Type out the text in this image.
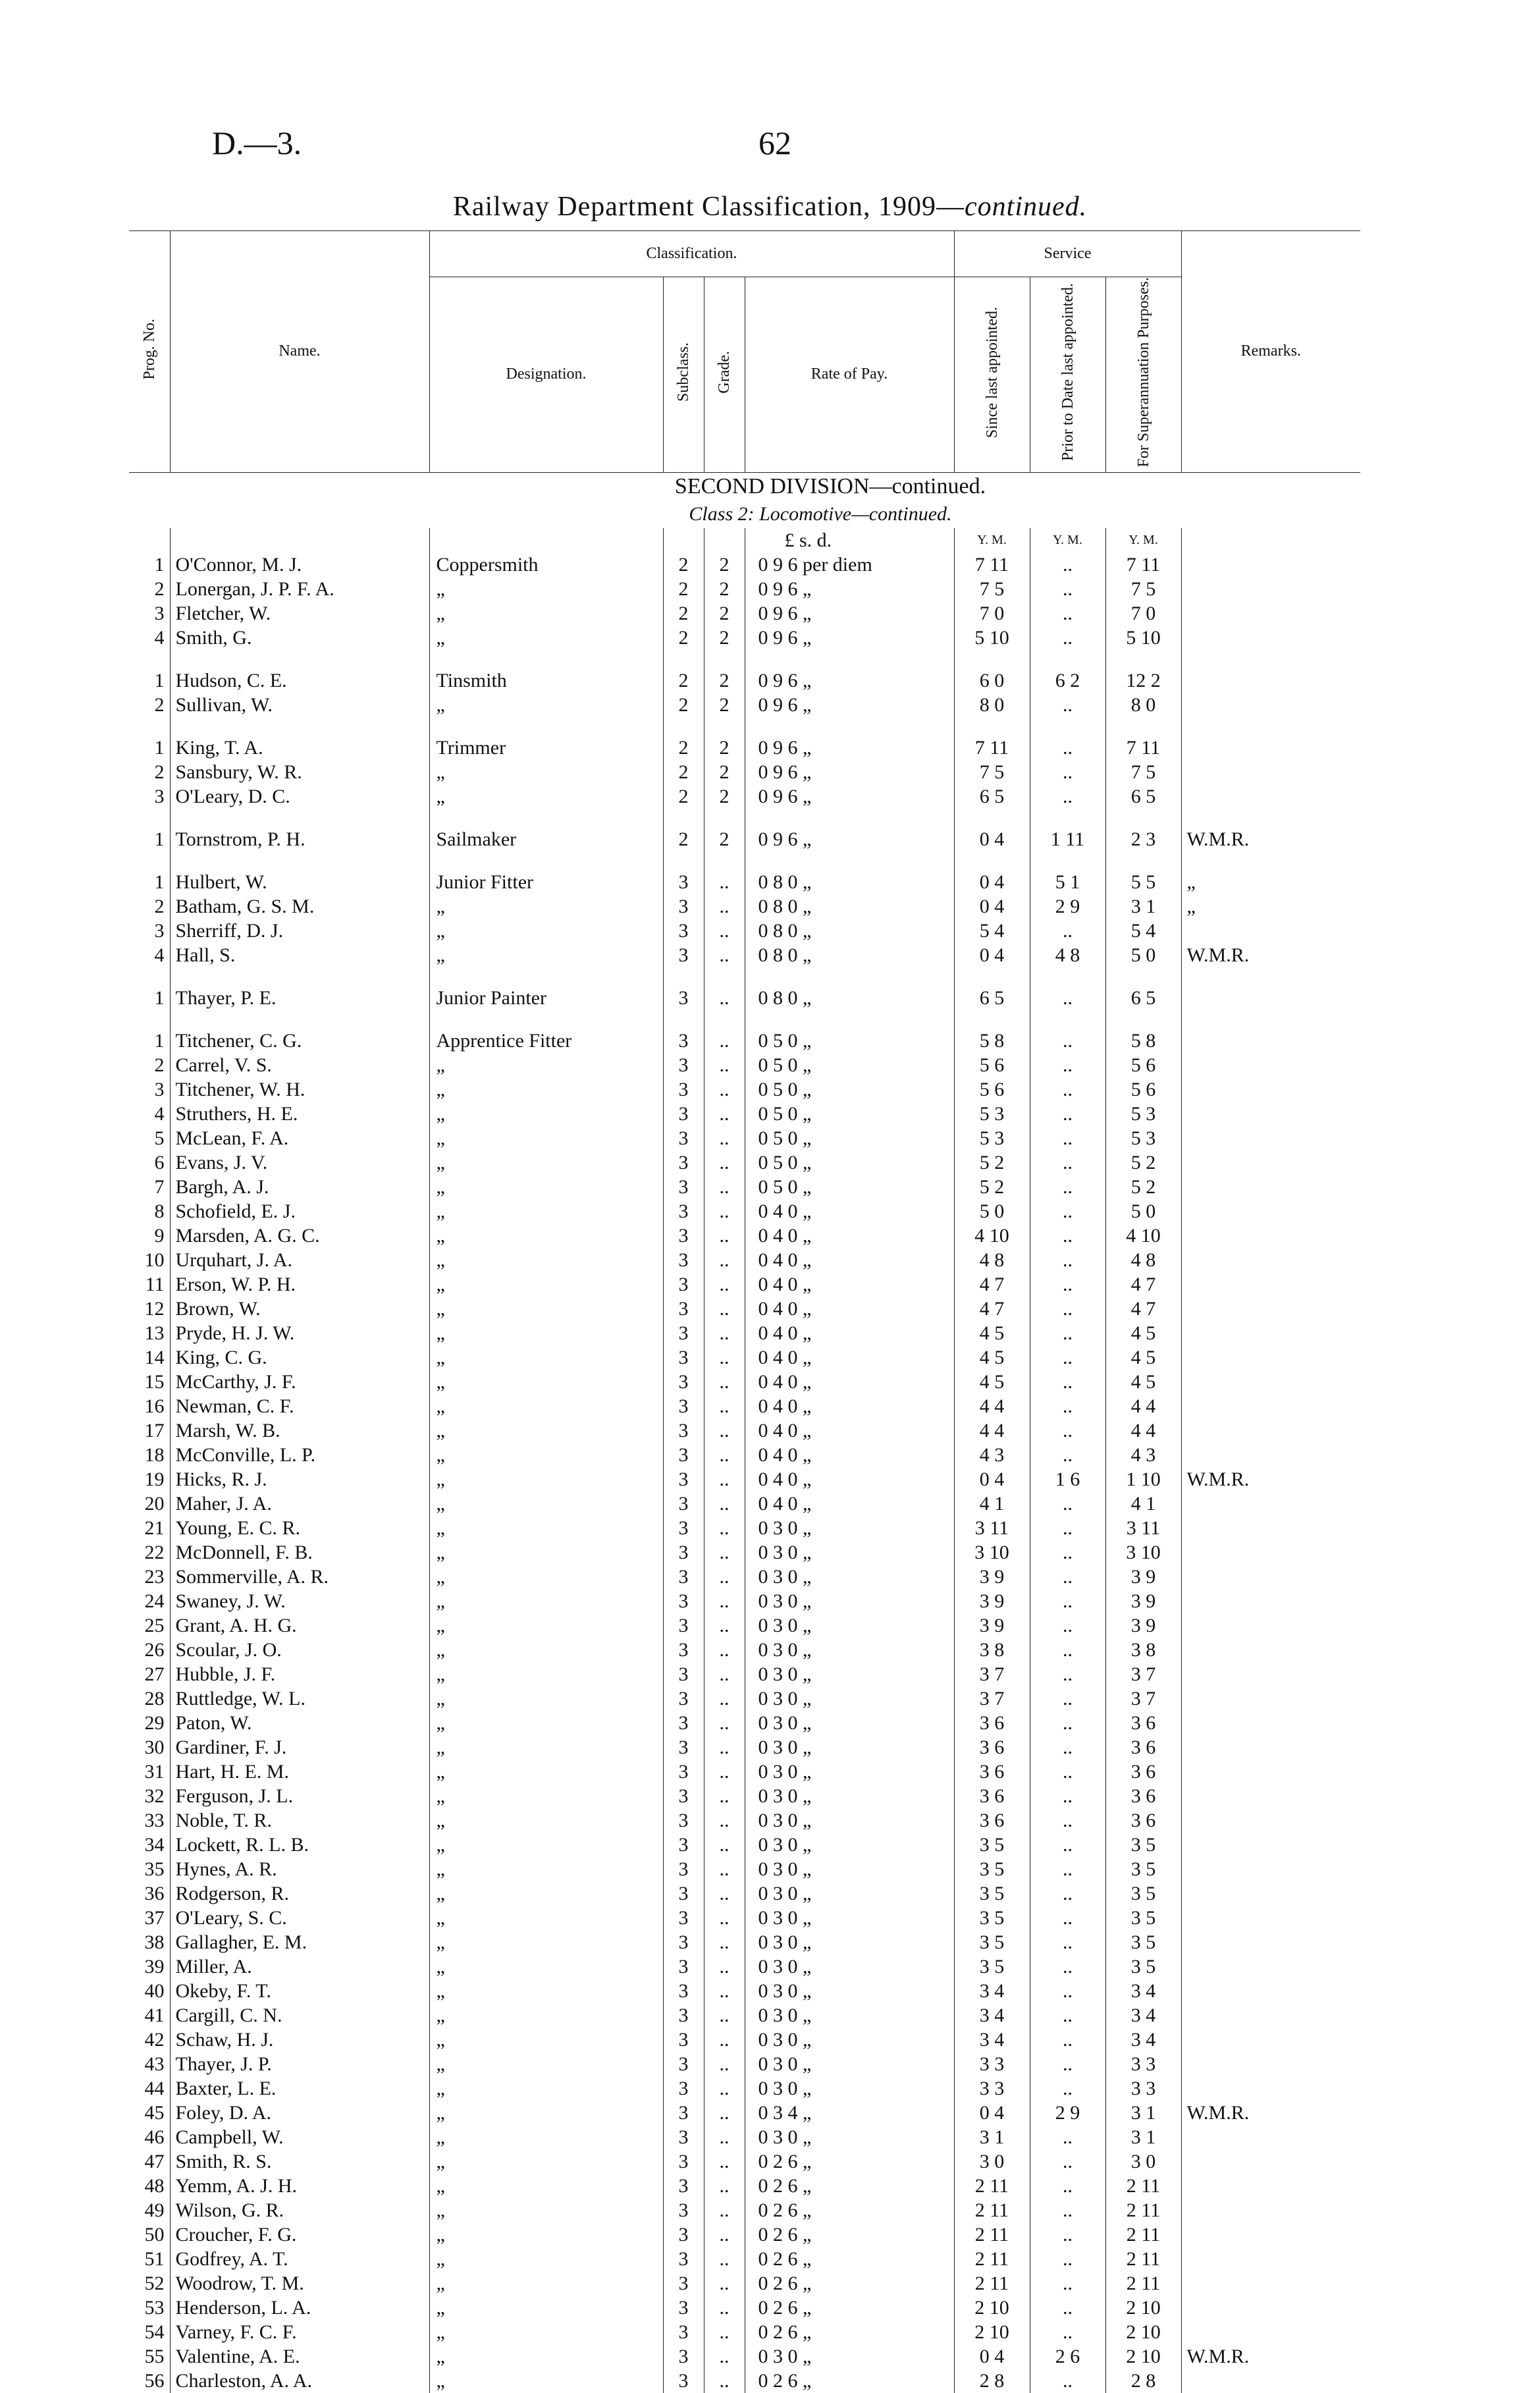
D.—3.	62
Railway Department Classification, 1909—continued.
Prog. No.	Name.	Classification.				Service			Remarks.
		Designation.	Subclass.	Grade.	Rate of Pay.	Since last appointed.	Prior to Date last appointed.	For Superannuation Purposes.	
SECOND DIVISION—continued.									
Class 2: Locomotive—continued.									
					£ s. d.	Y. M.	Y. M.	Y. M.	
1	O'Connor, M. J.	Coppersmith	2	2	0 9 6 per diem	7 11	..	7 11	
2	Lonergan, J. P. F. A.	„	2	2	0 9 6 „	7 5	..	7 5	
3	Fletcher, W.	„	2	2	0 9 6 „	7 0	..	7 0	
4	Smith, G.	„	2	2	0 9 6 „	5 10	..	5 10	

1	Hudson, C. E.	Tinsmith	2	2	0 9 6 „	6 0	6 2	12 2	
2	Sullivan, W.	„	2	2	0 9 6 „	8 0	..	8 0	

1	King, T. A.	Trimmer	2	2	0 9 6 „	7 11	..	7 11	
2	Sansbury, W. R.	„	2	2	0 9 6 „	7 5	..	7 5	
3	O'Leary, D. C.	„	2	2	0 9 6 „	6 5	..	6 5	

1	Tornstrom, P. H.	Sailmaker	2	2	0 9 6 „	0 4	1 11	2 3	W.M.R.

1	Hulbert, W.	Junior Fitter	3	..	0 8 0 „	0 4	5 1	5 5	„
2	Batham, G. S. M.	„	3	..	0 8 0 „	0 4	2 9	3 1	„
3	Sherriff, D. J.	„	3	..	0 8 0 „	5 4	..	5 4	
4	Hall, S.	„	3	..	0 8 0 „	0 4	4 8	5 0	W.M.R.

1	Thayer, P. E.	Junior Painter	3	..	0 8 0 „	6 5	..	6 5	

1	Titchener, C. G.	Apprentice Fitter	3	..	0 5 0 „	5 8	..	5 8	
2	Carrel, V. S.	„	3	..	0 5 0 „	5 6	..	5 6	
3	Titchener, W. H.	„	3	..	0 5 0 „	5 6	..	5 6	
4	Struthers, H. E.	„	3	..	0 5 0 „	5 3	..	5 3	
5	McLean, F. A.	„	3	..	0 5 0 „	5 3	..	5 3	
6	Evans, J. V.	„	3	..	0 5 0 „	5 2	..	5 2	
7	Bargh, A. J.	„	3	..	0 5 0 „	5 2	..	5 2	
8	Schofield, E. J.	„	3	..	0 4 0 „	5 0	..	5 0	
9	Marsden, A. G. C.	„	3	..	0 4 0 „	4 10	..	4 10	
10	Urquhart, J. A.	„	3	..	0 4 0 „	4 8	..	4 8	
11	Erson, W. P. H.	„	3	..	0 4 0 „	4 7	..	4 7	
12	Brown, W.	„	3	..	0 4 0 „	4 7	..	4 7	
13	Pryde, H. J. W.	„	3	..	0 4 0 „	4 5	..	4 5	
14	King, C. G.	„	3	..	0 4 0 „	4 5	..	4 5	
15	McCarthy, J. F.	„	3	..	0 4 0 „	4 5	..	4 5	
16	Newman, C. F.	„	3	..	0 4 0 „	4 4	..	4 4	
17	Marsh, W. B.	„	3	..	0 4 0 „	4 4	..	4 4	
18	McConville, L. P.	„	3	..	0 4 0 „	4 3	..	4 3	
19	Hicks, R. J.	„	3	..	0 4 0 „	0 4	1 6	1 10	W.M.R.
20	Maher, J. A.	„	3	..	0 4 0 „	4 1	..	4 1	
21	Young, E. C. R.	„	3	..	0 3 0 „	3 11	..	3 11	
22	McDonnell, F. B.	„	3	..	0 3 0 „	3 10	..	3 10	
23	Sommerville, A. R.	„	3	..	0 3 0 „	3 9	..	3 9	
24	Swaney, J. W.	„	3	..	0 3 0 „	3 9	..	3 9	
25	Grant, A. H. G.	„	3	..	0 3 0 „	3 9	..	3 9	
26	Scoular, J. O.	„	3	..	0 3 0 „	3 8	..	3 8	
27	Hubble, J. F.	„	3	..	0 3 0 „	3 7	..	3 7	
28	Ruttledge, W. L.	„	3	..	0 3 0 „	3 7	..	3 7	
29	Paton, W.	„	3	..	0 3 0 „	3 6	..	3 6	
30	Gardiner, F. J.	„	3	..	0 3 0 „	3 6	..	3 6	
31	Hart, H. E. M.	„	3	..	0 3 0 „	3 6	..	3 6	
32	Ferguson, J. L.	„	3	..	0 3 0 „	3 6	..	3 6	
33	Noble, T. R.	„	3	..	0 3 0 „	3 6	..	3 6	
34	Lockett, R. L. B.	„	3	..	0 3 0 „	3 5	..	3 5	
35	Hynes, A. R.	„	3	..	0 3 0 „	3 5	..	3 5	
36	Rodgerson, R.	„	3	..	0 3 0 „	3 5	..	3 5	
37	O'Leary, S. C.	„	3	..	0 3 0 „	3 5	..	3 5	
38	Gallagher, E. M.	„	3	..	0 3 0 „	3 5	..	3 5	
39	Miller, A.	„	3	..	0 3 0 „	3 5	..	3 5	
40	Okeby, F. T.	„	3	..	0 3 0 „	3 4	..	3 4	
41	Cargill, C. N.	„	3	..	0 3 0 „	3 4	..	3 4	
42	Schaw, H. J.	„	3	..	0 3 0 „	3 4	..	3 4	
43	Thayer, J. P.	„	3	..	0 3 0 „	3 3	..	3 3	
44	Baxter, L. E.	„	3	..	0 3 0 „	3 3	..	3 3	
45	Foley, D. A.	„	3	..	0 3 4 „	0 4	2 9	3 1	W.M.R.
46	Campbell, W.	„	3	..	0 3 0 „	3 1	..	3 1	
47	Smith, R. S.	„	3	..	0 2 6 „	3 0	..	3 0	
48	Yemm, A. J. H.	„	3	..	0 2 6 „	2 11	..	2 11	
49	Wilson, G. R.	„	3	..	0 2 6 „	2 11	..	2 11	
50	Croucher, F. G.	„	3	..	0 2 6 „	2 11	..	2 11	
51	Godfrey, A. T.	„	3	..	0 2 6 „	2 11	..	2 11	
52	Woodrow, T. M.	„	3	..	0 2 6 „	2 11	..	2 11	
53	Henderson, L. A.	„	3	..	0 2 6 „	2 10	..	2 10	
54	Varney, F. C. F.	„	3	..	0 2 6 „	2 10	..	2 10	
55	Valentine, A. E.	„	3	..	0 3 0 „	0 4	2 6	2 10	W.M.R.
56	Charleston, A. A.	„	3	..	0 2 6 „	2 8	..	2 8	
